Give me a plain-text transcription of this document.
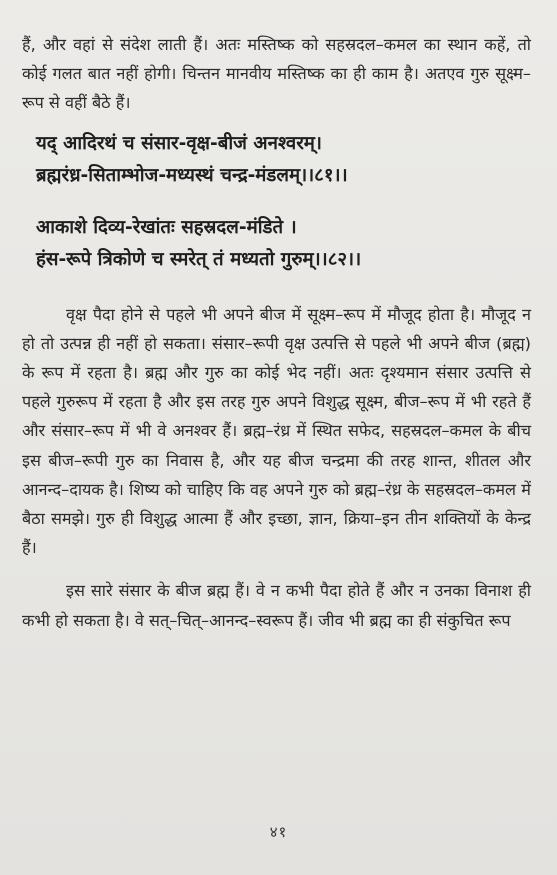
हैं, और वहां से संदेश लाती हैं। अतः मस्तिष्क को सहस्रदल–कमल का स्थान कहें, तो कोई गलत बात नहीं होगी। चिन्तन मानवीय मस्तिष्क का ही काम है। अतएव गुरु सूक्ष्म–रूप से वहीं बैठे हैं।

यद् आदिरथं च संसार-वृक्ष-बीजं अनश्वरम्।
ब्रह्मरंध्र-सिताम्भोज-मध्यस्थं चन्द्र-मंडलम्।।८१।।
आकाशे दिव्य-रेखांतः सहस्रदल-मंडिते ।
हंस-रूपे त्रिकोणे च स्मरेत् तं मध्यतो गुरुम्।।८२।।

वृक्ष पैदा होने से पहले भी अपने बीज में सूक्ष्म–रूप में मौजूद होता है। मौजूद न हो तो उत्पन्न ही नहीं हो सकता। संसार–रूपी वृक्ष उत्पत्ति से पहले भी अपने बीज (ब्रह्म) के रूप में रहता है। ब्रह्म और गुरु का कोई भेद नहीं। अतः दृश्यमान संसार उत्पत्ति से पहले गुरुरूप में रहता है और इस तरह गुरु अपने विशुद्ध सूक्ष्म, बीज–रूप में भी रहते हैं और संसार–रूप में भी वे अनश्वर हैं। ब्रह्म–रंध्र में स्थित सफेद, सहस्रदल–कमल के बीच इस बीज–रूपी गुरु का निवास है, और यह बीज चन्द्रमा की तरह शान्त, शीतल और आनन्द–दायक है। शिष्य को चाहिए कि वह अपने गुरु को ब्रह्म–रंध्र के सहस्रदल–कमल में बैठा समझे। गुरु ही विशुद्ध आत्मा हैं और इच्छा, ज्ञान, क्रिया–इन तीन शक्तियों के केन्द्र हैं।

इस सारे संसार के बीज ब्रह्म हैं। वे न कभी पैदा होते हैं और न उनका विनाश ही कभी हो सकता है। वे सत्–चित्–आनन्द–स्वरूप हैं। जीव भी ब्रह्म का ही संकुचित रूप

४१
